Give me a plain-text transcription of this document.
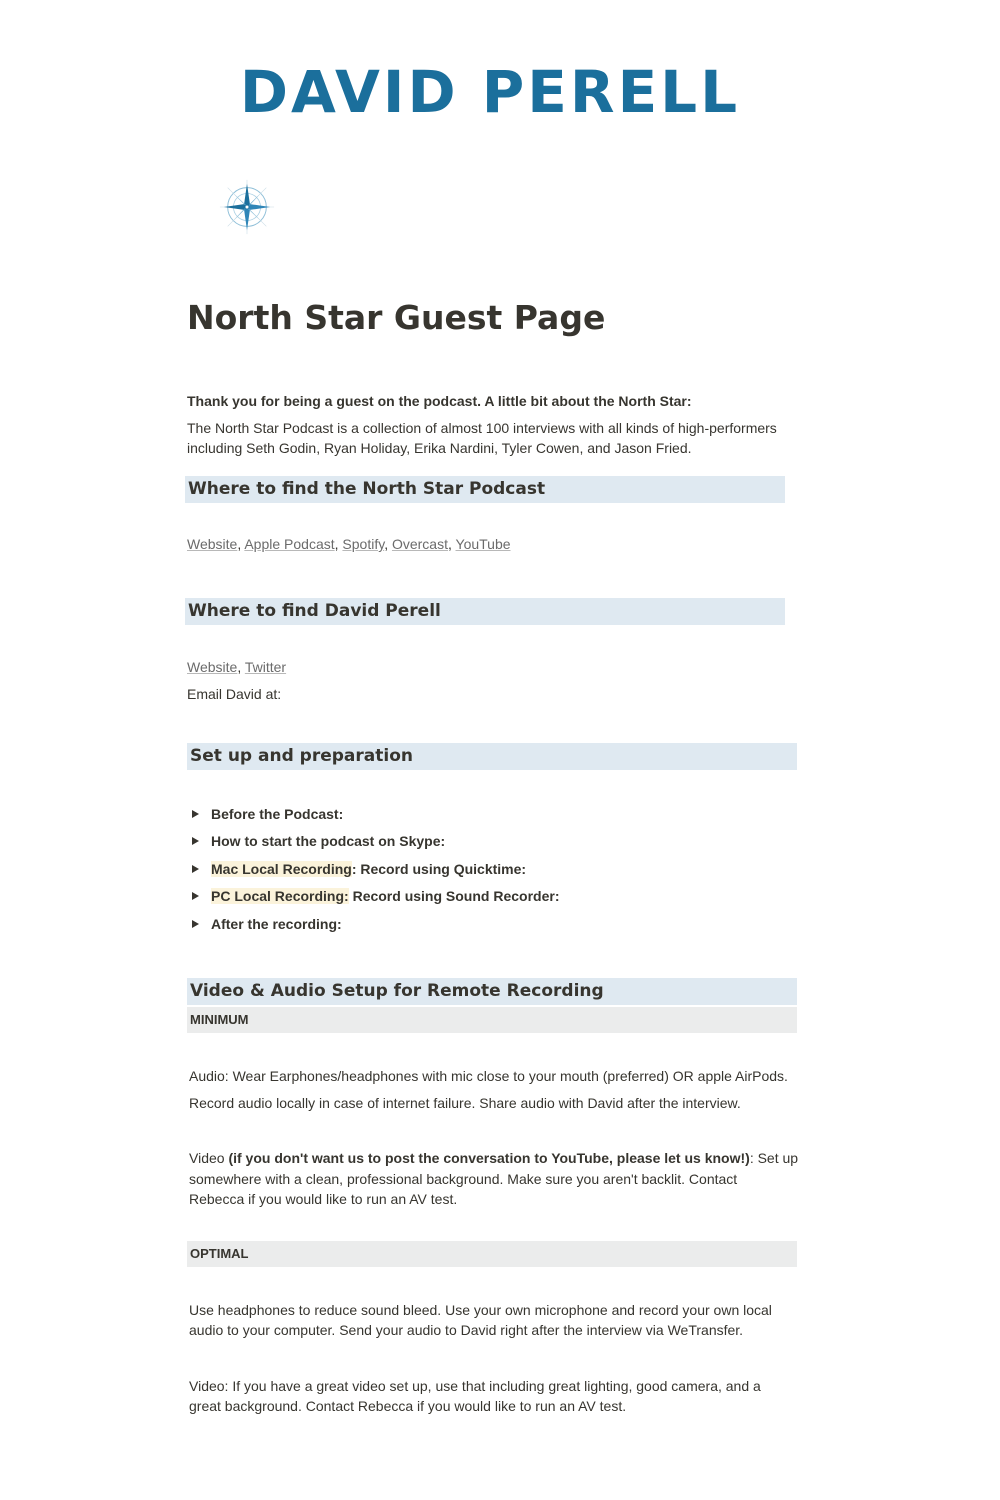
DAVID PERELL
North Star Guest Page
Thank you for being a guest on the podcast. A little bit about the North Star:
The North Star Podcast is a collection of almost 100 interviews with all kinds of high-performers
including Seth Godin, Ryan Holiday, Erika Nardini, Tyler Cowen, and Jason Fried.
Where to find the North Star Podcast
Website, Apple Podcast, Spotify, Overcast, YouTube
Where to find David Perell
Website, Twitter
Email David at:
Set up and preparation
Before the Podcast:
How to start the podcast on Skype:
Mac Local Recording : Record using Quicktime:
PC Local Recording: Record using Sound Recorder:
After the recording:
Video & Audio Setup for Remote Recording
MINIMUM
Audio: Wear Earphones/headphones with mic close to your mouth (preferred) OR apple AirPods.
Record audio locally in case of internet failure. Share audio with David after the interview.
Video (if you don't want us to post the conversation to YouTube, please let us know!): Set up
somewhere with a clean, professional background. Make sure you aren't backlit. Contact
Rebecca if you would like to run an AV test.
OPTIMAL
Use headphones to reduce sound bleed. Use your own microphone and record your own local
audio to your computer. Send your audio to David right after the interview via WeTransfer.
Video: If you have a great video set up, use that including great lighting, good camera, and a
great background. Contact Rebecca if you would like to run an AV test.
